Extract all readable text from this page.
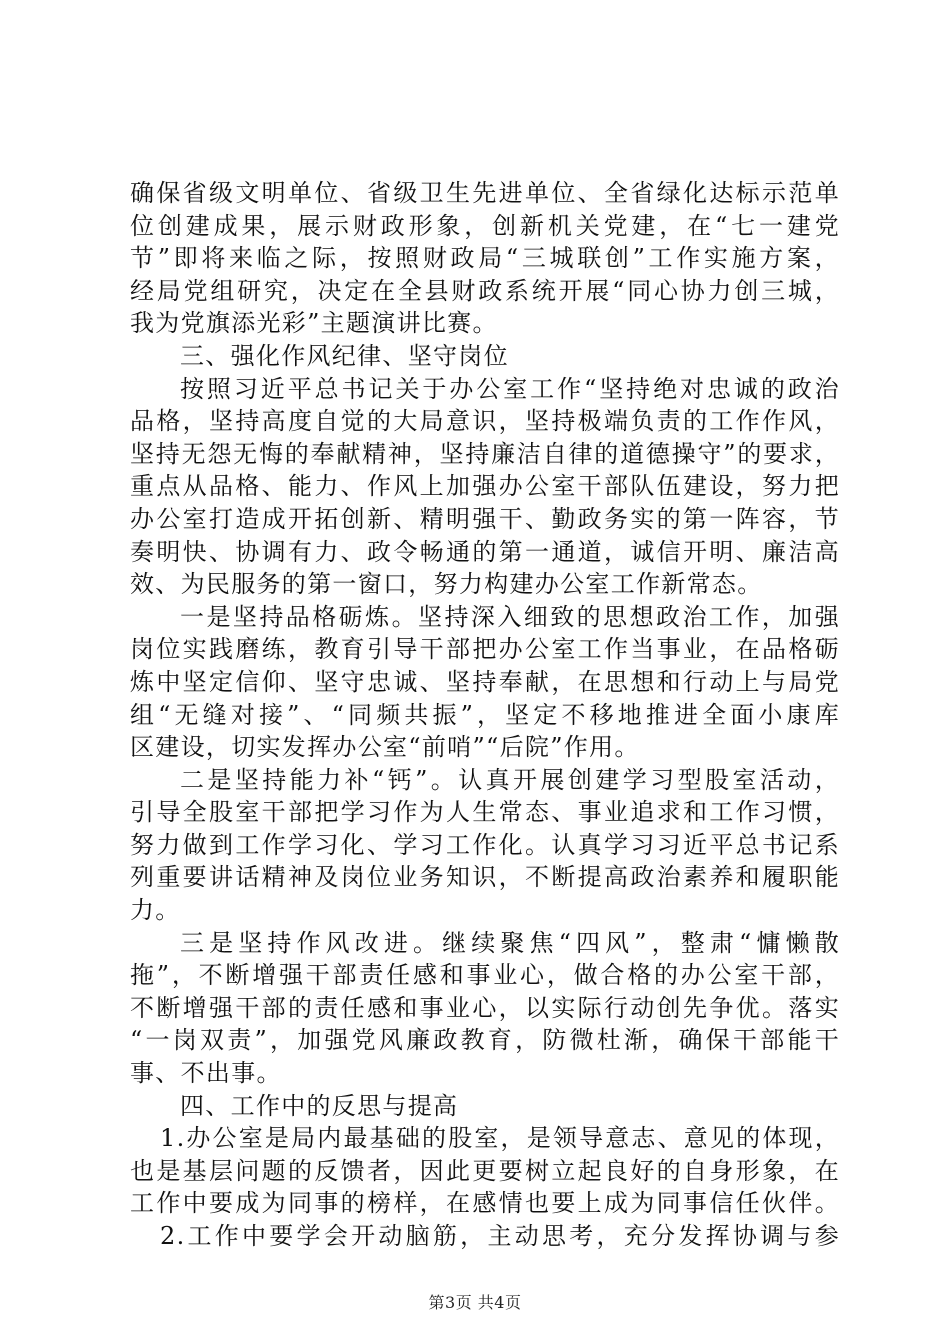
确保省级文明单位、省级卫生先进单位、全省绿化达标示范单
位创建成果，展示财政形象，创新机关党建，在“七一建党
节”即将来临之际，按照财政局“三城联创”工作实施方案，
经局党组研究，决定在全县财政系统开展“同心协力创三城，
我为党旗添光彩”主题演讲比赛。
三、强化作风纪律、坚守岗位
按照习近平总书记关于办公室工作“坚持绝对忠诚的政治
品格，坚持高度自觉的大局意识，坚持极端负责的工作作风，
坚持无怨无悔的奉献精神，坚持廉洁自律的道德操守”的要求，
重点从品格、能力、作风上加强办公室干部队伍建设，努力把
办公室打造成开拓创新、精明强干、勤政务实的第一阵容，节
奏明快、协调有力、政令畅通的第一通道，诚信开明、廉洁高
效、为民服务的第一窗口，努力构建办公室工作新常态。
一是坚持品格砺炼。坚持深入细致的思想政治工作，加强
岗位实践磨练，教育引导干部把办公室工作当事业，在品格砺
炼中坚定信仰、坚守忠诚、坚持奉献，在思想和行动上与局党
组“无缝对接”、“同频共振”，坚定不移地推进全面小康库
区建设，切实发挥办公室“前哨”“后院”作用。
二是坚持能力补“钙”。认真开展创建学习型股室活动，
引导全股室干部把学习作为人生常态、事业追求和工作习惯，
努力做到工作学习化、学习工作化。认真学习习近平总书记系
列重要讲话精神及岗位业务知识，不断提高政治素养和履职能
力。
三是坚持作风改进。继续聚焦“四风”，整肃“慵懒散
拖”，不断增强干部责任感和事业心，做合格的办公室干部，
不断增强干部的责任感和事业心，以实际行动创先争优。落实
“一岗双责”，加强党风廉政教育，防微杜渐，确保干部能干
事、不出事。
四、工作中的反思与提高
1.办公室是局内最基础的股室，是领导意志、意见的体现，
也是基层问题的反馈者，因此更要树立起良好的自身形象，在
工作中要成为同事的榜样，在感情也要上成为同事信任伙伴。
2.工作中要学会开动脑筋，主动思考，充分发挥协调与参
第3页 共4页
